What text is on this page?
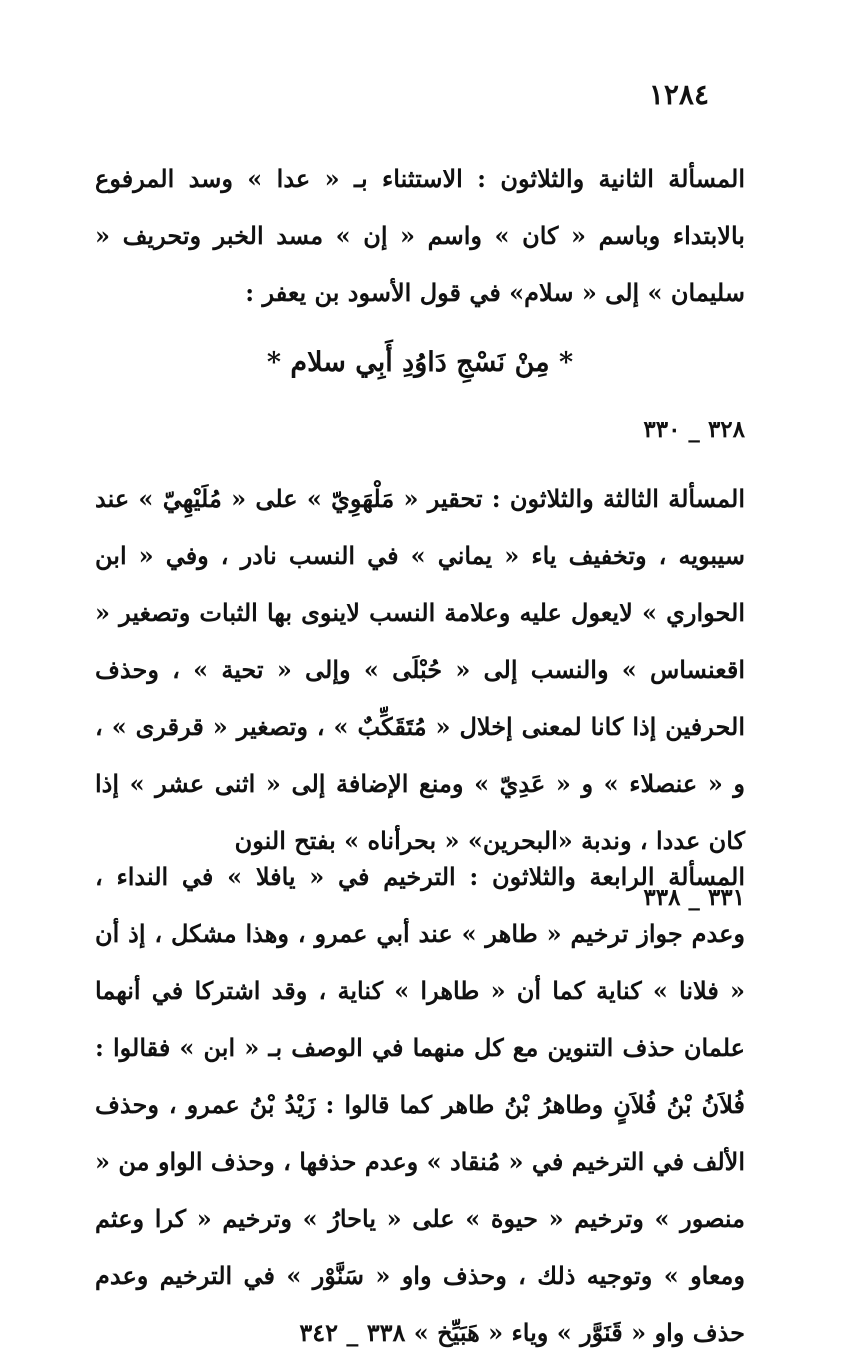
١٢٨٤

المسألة الثانية والثلاثون : الاستثناء بـ « عدا » وسد المرفوع بالابتداء وباسم « كان » واسم « إن » مسد الخبر وتحريف « سليمان » إلى « سلام» في قول الأسود بن يعفر :

* مِنْ نَسْجِ دَاوُدِ أَبِي سلام *

٣٢٨ _ ٣٣٠

المسألة الثالثة والثلاثون : تحقير « مَلْهَوِيّ » على « مُلَيْهِيّ » عند سيبويه ، وتخفيف ياء « يماني » في النسب نادر ، وفي « ابن الحواري » لايعول عليه وعلامة النسب لاينوى بها الثبات وتصغير « اقعنساس » والنسب إلى « حُبْلَى » وإلى « تحية » ، وحذف الحرفين إذا كانا لمعنى إخلال « مُتَقَكِّبٌ » ، وتصغير « قرقرى » ، و « عنصلاء » و « عَدِيّ » ومنع الإضافة إلى « اثنى عشر » إذا كان عددا ، وندبة «البحرين» « بحرأناه » بفتح النون

٣٣١ _ ٣٣٨

المسألة الرابعة والثلاثون : الترخيم في « يافلا » في النداء ، وعدم جواز ترخيم « طاهر » عند أبي عمرو ، وهذا مشكل ، إذ أن « فلانا » كناية كما أن « طاهرا » كناية ، وقد اشتركا في أنهما علمان حذف التنوين مع كل منهما في الوصف بـ « ابن » فقالوا : فُلاَنُ بْنُ فُلاَنٍ وطاهرُ بْنُ طاهر كما قالوا : زَيْدُ بْنُ عمرو ، وحذف الألف في الترخيم في « مُنقاد » وعدم حذفها ، وحذف الواو من « منصور » وترخيم « حيوة » على « ياحارُ » وترخيم « كرا وعثم ومعاو » وتوجيه ذلك ، وحذف واو « سَنَّوْر » في الترخيم وعدم حذف واو « قَنَوَّر » وياء « هَبَيِّخ » ٣٣٨ _ ٣٤٢
